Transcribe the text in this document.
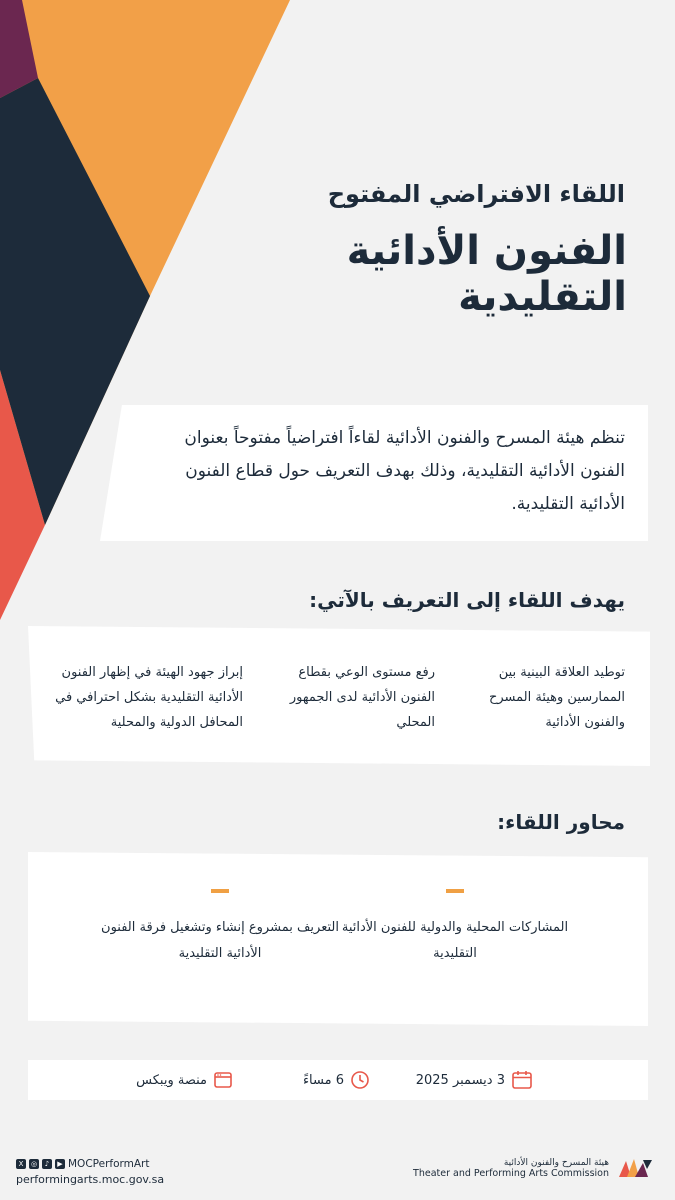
اللقاء الافتراضي المفتوح
الفنون الأدائية التقليدية
تنظم هيئة المسرح والفنون الأدائية لقاءاً افتراضياً مفتوحاً بعنوان الفنون الأدائية التقليدية، وذلك بهدف التعريف حول قطاع الفنون الأدائية التقليدية.
يهدف اللقاء إلى التعريف بالآتي:
توطيد العلاقة البينية بين الممارسين وهيئة المسرح والفنون الأدائية
رفع مستوى الوعي بقطاع الفنون الأدائية لدى الجمهور المحلي
إبراز جهود الهيئة في إظهار الفنون الأدائية التقليدية بشكل احترافي في المحافل الدولية والمحلية
محاور اللقاء:
المشاركات المحلية والدولية للفنون الأدائية التقليدية
التعريف بمشروع إنشاء وتشغيل فرقة الفنون الأدائية التقليدية
3 ديسمبر 2025
6 مساءً
منصة ويبكس
X	◎	♪	▶ MOCPerformArt
performingarts.moc.gov.sa
هيئة المسرح والفنون الأدائية
Theater and Performing Arts Commission
